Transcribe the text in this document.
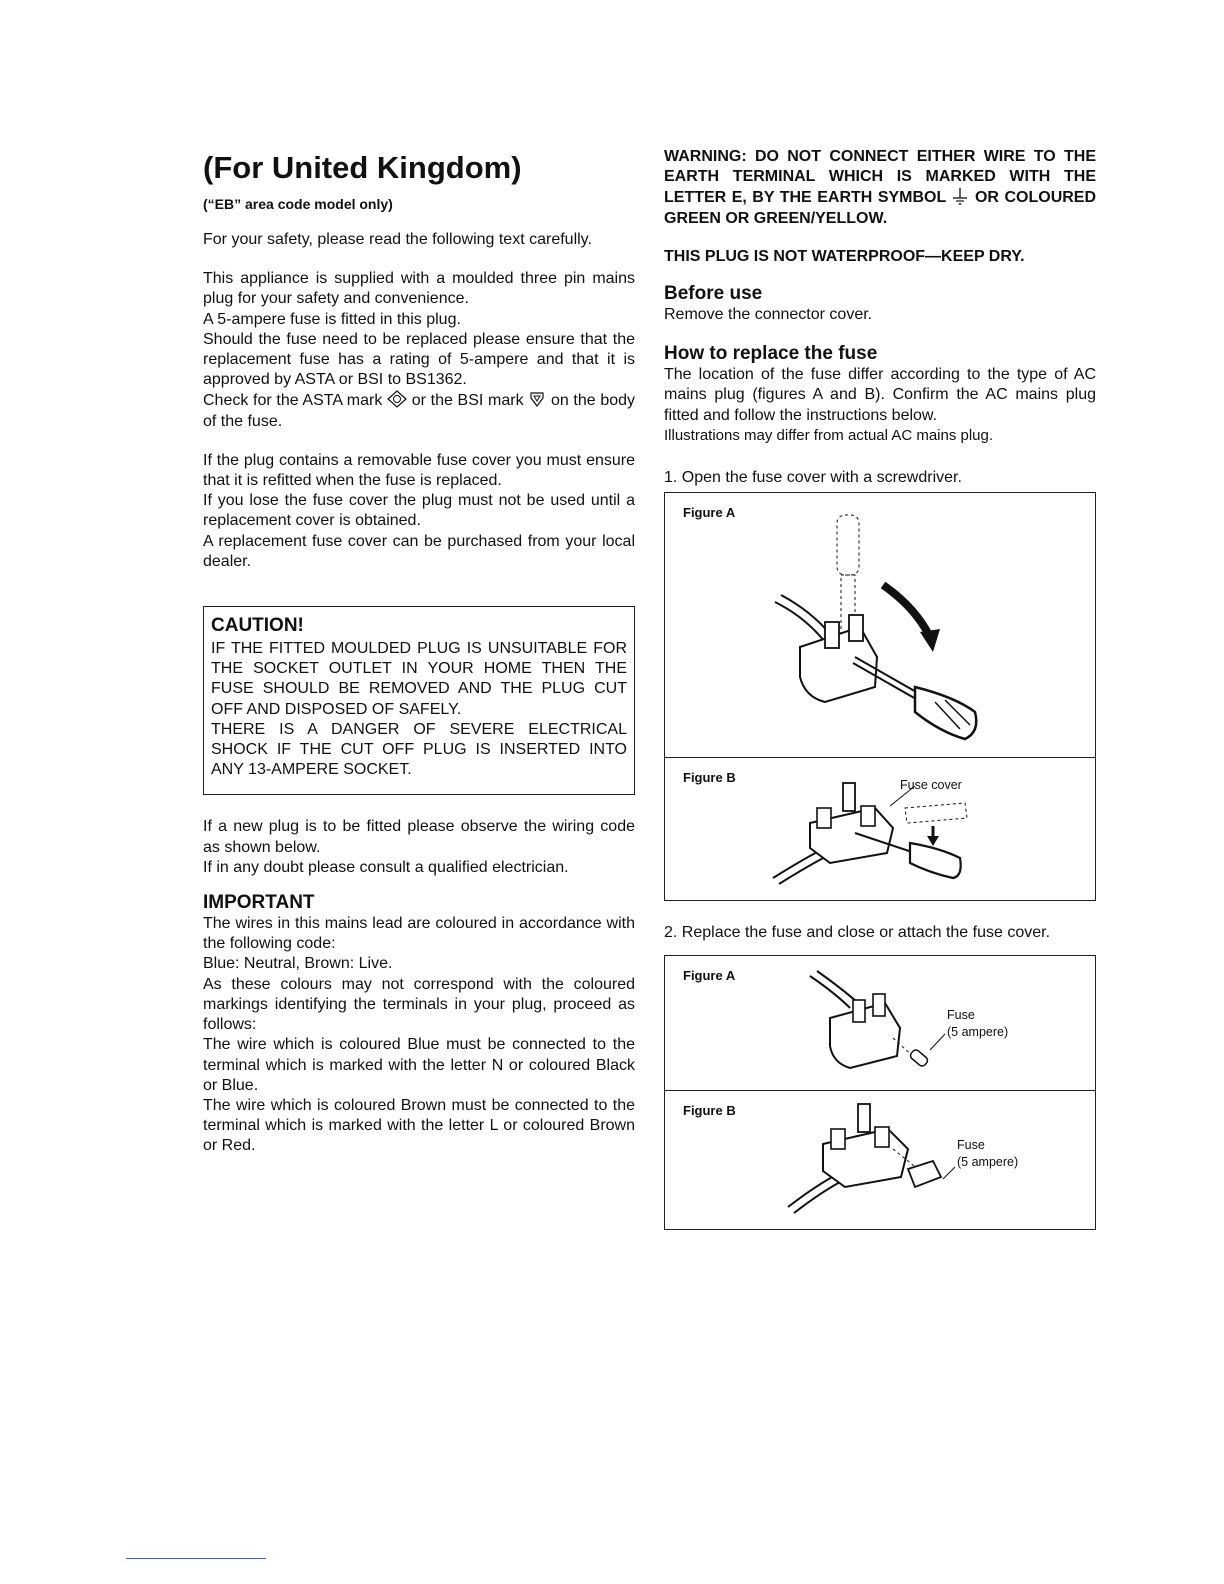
(For United Kingdom)
(“EB” area code model only)

For your safety, please read the following text carefully.

This appliance is supplied with a moulded three pin mains plug for your safety and convenience.

A 5-ampere fuse is fitted in this plug.

Should the fuse need to be replaced please ensure that the replacement fuse has a rating of 5-ampere and that it is approved by ASTA or BSI to BS1362.

Check for the ASTA mark or the BSI mark on the body of the fuse.

If the plug contains a removable fuse cover you must ensure that it is refitted when the fuse is replaced.

If you lose the fuse cover the plug must not be used until a replacement cover is obtained.

A replacement fuse cover can be purchased from your local dealer.

CAUTION!

IF THE FITTED MOULDED PLUG IS UNSUITABLE FOR THE SOCKET OUTLET IN YOUR HOME THEN THE FUSE SHOULD BE REMOVED AND THE PLUG CUT OFF AND DISPOSED OF SAFELY.

THERE IS A DANGER OF SEVERE ELECTRICAL SHOCK IF THE CUT OFF PLUG IS INSERTED INTO ANY 13-AMPERE SOCKET.

If a new plug is to be fitted please observe the wiring code as shown below.

If in any doubt please consult a qualified electrician.

IMPORTANT

The wires in this mains lead are coloured in accordance with the following code:

Blue: Neutral, Brown: Live.

As these colours may not correspond with the coloured markings identifying the terminals in your plug, proceed as follows:

The wire which is coloured Blue must be connected to the terminal which is marked with the letter N or coloured Black or Blue.

The wire which is coloured Brown must be connected to the terminal which is marked with the letter L or coloured Brown or Red.

WARNING: DO NOT CONNECT EITHER WIRE TO THE EARTH TERMINAL WHICH IS MARKED WITH THE LETTER E, BY THE EARTH SYMBOL OR COLOURED GREEN OR GREEN/YELLOW.
THIS PLUG IS NOT WATERPROOF—KEEP DRY.
Before use

Remove the connector cover.

How to replace the fuse

The location of the fuse differ according to the type of AC mains plug (figures A and B). Confirm the AC mains plug fitted and follow the instructions below.

Illustrations may differ from actual AC mains plug.

1. Open the fuse cover with a screwdriver.

Figure A
Figure B	Fuse cover

2. Replace the fuse and close or attach the fuse cover.

Figure A
Fuse
(5 ampere)
Figure B
Fuse
(5 ampere)
